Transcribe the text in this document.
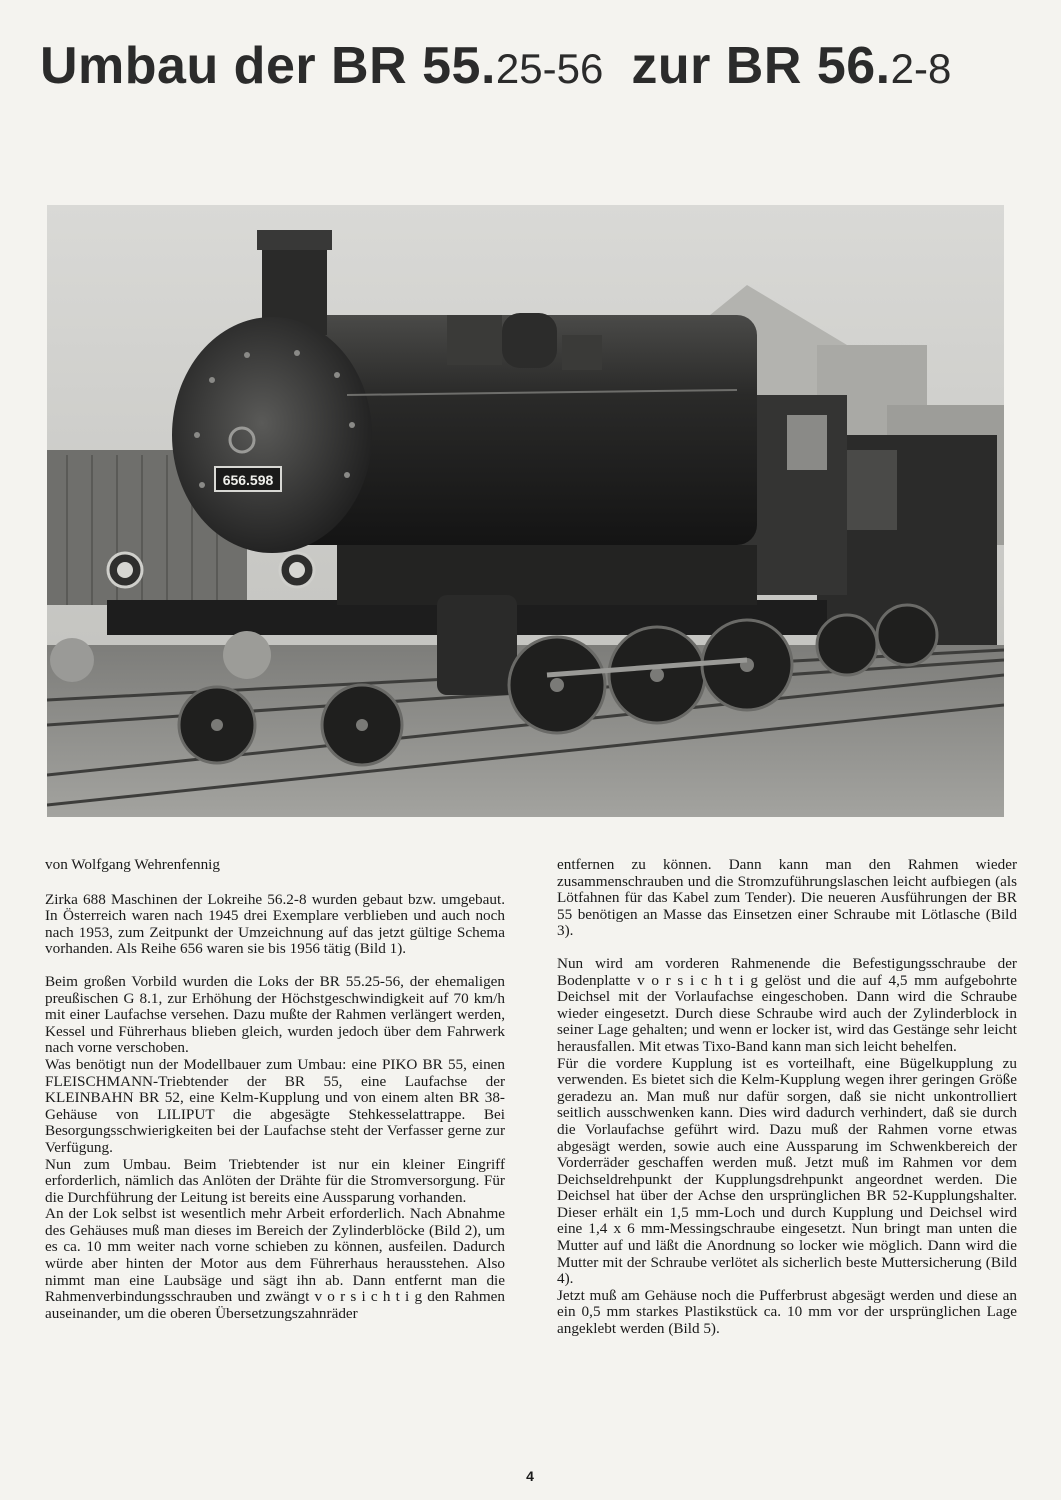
Umbau der BR 55.25-56 zur BR 56.2-8
656.598

von Wolfgang Wehrenfennig

Zirka 688 Maschinen der Lokreihe 56.2-8 wurden gebaut bzw. umgebaut. In Österreich waren nach 1945 drei Exemplare verblieben und auch noch nach 1953, zum Zeitpunkt der Umzeichnung auf das jetzt gültige Schema vorhanden. Als Reihe 656 waren sie bis 1956 tätig (Bild 1).

Beim großen Vorbild wurden die Loks der BR 55.25-56, der ehemaligen preußischen G 8.1, zur Erhöhung der Höchstgeschwindigkeit auf 70 km/h mit einer Laufachse versehen. Dazu mußte der Rahmen verlängert werden, Kessel und Führerhaus blieben gleich, wurden jedoch über dem Fahrwerk nach vorne verschoben.

Was benötigt nun der Modellbauer zum Umbau: eine PIKO BR 55, einen FLEISCHMANN-Triebtender der BR 55, eine Laufachse der KLEINBAHN BR 52, eine Kelm-Kupplung und von einem alten BR 38-Gehäuse von LILIPUT die abgesägte Stehkesselattrappe. Bei Besorgungsschwierigkeiten bei der Laufachse steht der Verfasser gerne zur Verfügung.

Nun zum Umbau. Beim Triebtender ist nur ein kleiner Eingriff erforderlich, nämlich das Anlöten der Drähte für die Stromversorgung. Für die Durchführung der Leitung ist bereits eine Aussparung vorhanden.

An der Lok selbst ist wesentlich mehr Arbeit erforderlich. Nach Abnahme des Gehäuses muß man dieses im Bereich der Zylinderblöcke (Bild 2), um es ca. 10 mm weiter nach vorne schieben zu können, ausfeilen. Dadurch würde aber hinten der Motor aus dem Führerhaus herausstehen. Also nimmt man eine Laubsäge und sägt ihn ab. Dann entfernt man die Rahmenverbindungsschrauben und zwängt v o r s i c h t i g den Rahmen auseinander, um die oberen Übersetzungszahnräder

entfernen zu können. Dann kann man den Rahmen wieder zusammenschrauben und die Stromzuführungslaschen leicht aufbiegen (als Lötfahnen für das Kabel zum Tender). Die neueren Ausführungen der BR 55 benötigen an Masse das Einsetzen einer Schraube mit Lötlasche (Bild 3).

Nun wird am vorderen Rahmenende die Befestigungsschraube der Bodenplatte v o r s i c h t i g gelöst und die auf 4,5 mm aufgebohrte Deichsel mit der Vorlaufachse eingeschoben. Dann wird die Schraube wieder eingesetzt. Durch diese Schraube wird auch der Zylinderblock in seiner Lage gehalten; und wenn er locker ist, wird das Gestänge sehr leicht herausfallen. Mit etwas Tixo-Band kann man sich leicht behelfen.

Für die vordere Kupplung ist es vorteilhaft, eine Bügelkupplung zu verwenden. Es bietet sich die Kelm-Kupplung wegen ihrer geringen Größe geradezu an. Man muß nur dafür sorgen, daß sie nicht unkontrolliert seitlich ausschwenken kann. Dies wird dadurch verhindert, daß sie durch die Vorlaufachse geführt wird. Dazu muß der Rahmen vorne etwas abgesägt werden, sowie auch eine Aussparung im Schwenkbereich der Vorderräder geschaffen werden muß. Jetzt muß im Rahmen vor dem Deichseldrehpunkt der Kupplungsdrehpunkt angeordnet werden. Die Deichsel hat über der Achse den ursprünglichen BR 52-Kupplungshalter. Dieser erhält ein 1,5 mm-Loch und durch Kupplung und Deichsel wird eine 1,4 x 6 mm-Messingschraube eingesetzt. Nun bringt man unten die Mutter auf und läßt die Anordnung so locker wie möglich. Dann wird die Mutter mit der Schraube verlötet als sicherlich beste Muttersicherung (Bild 4).

Jetzt muß am Gehäuse noch die Pufferbrust abgesägt werden und diese an ein 0,5 mm starkes Plastikstück ca. 10 mm vor der ursprünglichen Lage angeklebt werden (Bild 5).

4
